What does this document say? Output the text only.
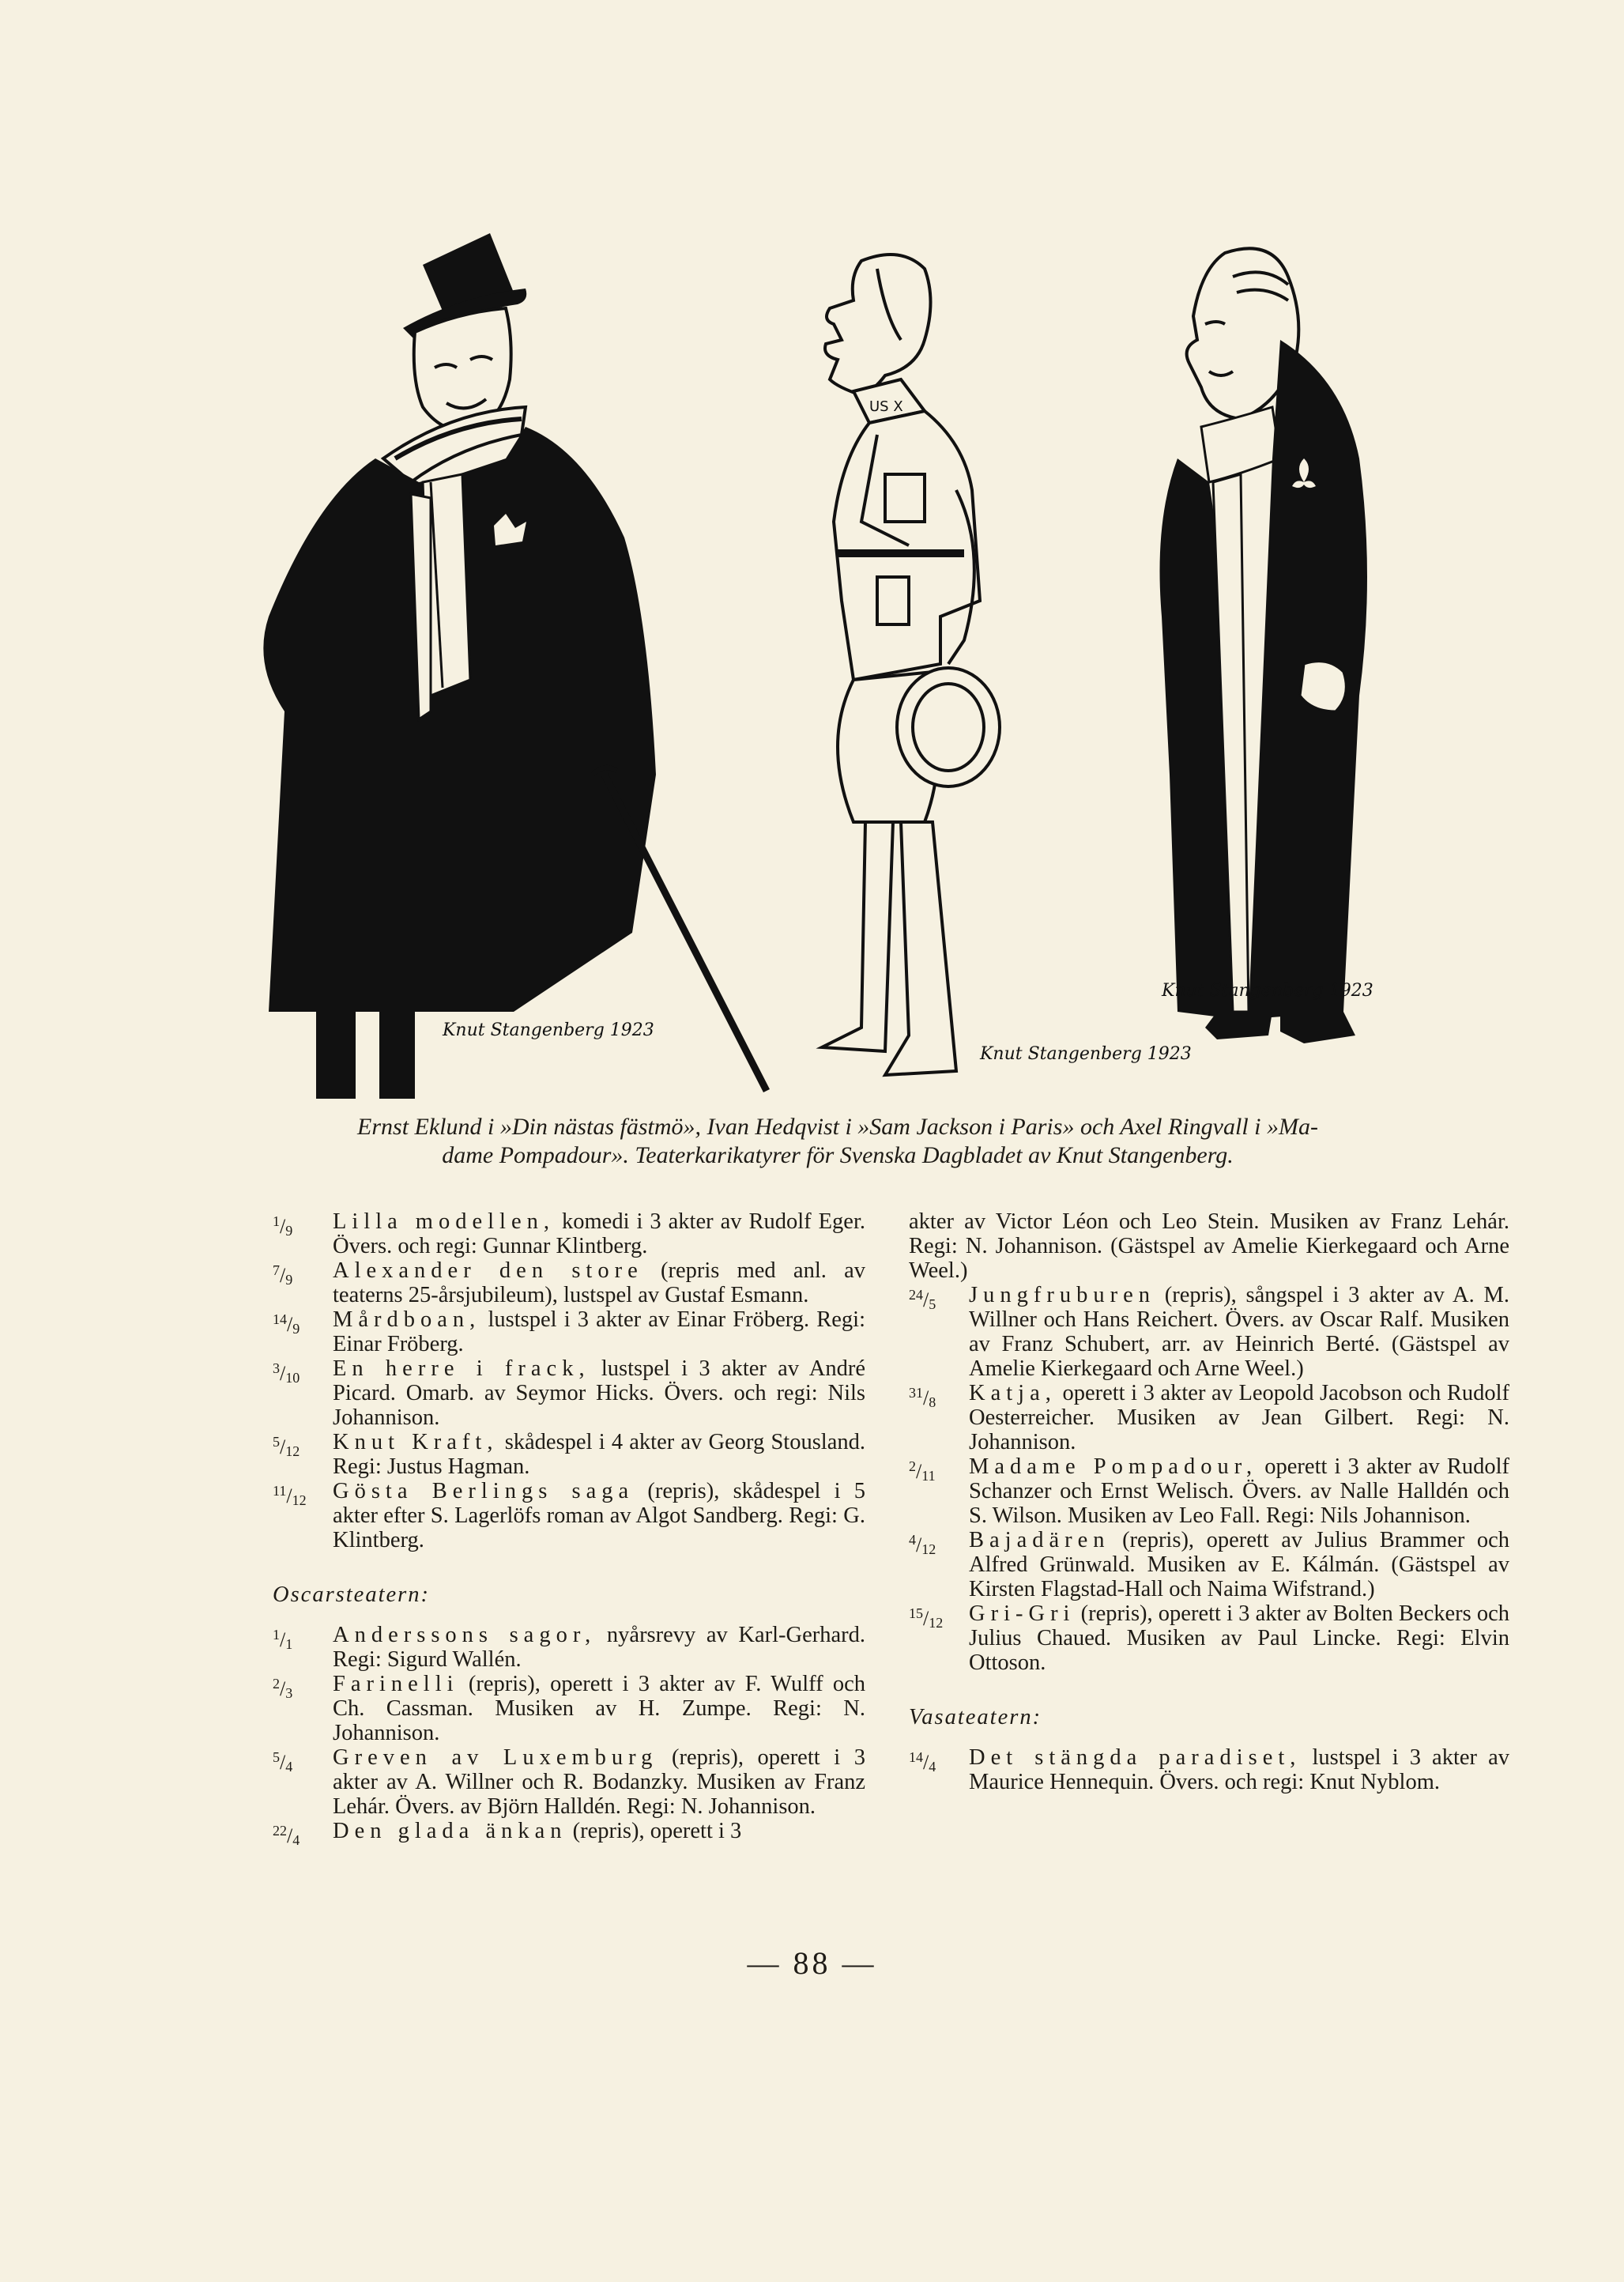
Knut Stangenberg 1923
US X
Knut Stangenberg 1923
Knut Stangenberg 1923
Ernst Eklund i »Din nästas fästmö», Ivan Hedqvist i »Sam Jackson i Paris» och Axel Ringvall i »Ma-
dame Pompadour». Teaterkarikatyrer för Svenska Dagbladet av Knut Stangenberg.
$^1/_9$	Lilla modellen, komedi i 3 akter av Rudolf Eger. Övers. och regi: Gunnar Klintberg.
$^7/_9$	Alexander den store (repris med anl. av teaterns 25-årsjubileum), lustspel av Gustaf Esmann.
$^{14}/_9$	Mårdboan, lustspel i 3 akter av Einar Fröberg. Regi: Einar Fröberg.
$^3/_{10}$	En herre i frack, lustspel i 3 akter av André Picard. Omarb. av Seymor Hicks. Övers. och regi: Nils Johannison.
$^5/_{12}$	Knut Kraft, skådespel i 4 akter av Georg Stousland. Regi: Justus Hagman.
$^{11}/_{12}$	Gösta Berlings saga (repris), skådespel i 5 akter efter S. Lagerlöfs roman av Algot Sandberg. Regi: G. Klintberg.
Oscarsteatern:
$^1/_1$	Anderssons sagor, nyårsrevy av Karl-Gerhard. Regi: Sigurd Wallén.
$^2/_3$	Farinelli (repris), operett i 3 akter av F. Wulff och Ch. Cassman. Musiken av H. Zumpe. Regi: N. Johannison.
$^5/_4$	Greven av Luxemburg (repris), operett i 3 akter av A. Willner och R. Bodanzky. Musiken av Franz Lehár. Övers. av Björn Halldén. Regi: N. Johannison.
$^{22}/_4$	Den glada änkan (repris), operett i 3
akter av Victor Léon och Leo Stein. Musiken av Franz Lehár. Regi: N. Johannison. (Gästspel av Amelie Kierkegaard och Arne Weel.)
$^{24}/_5$	Jungfruburen (repris), sångspel i 3 akter av A. M. Willner och Hans Reichert. Övers. av Oscar Ralf. Musiken av Franz Schubert, arr. av Heinrich Berté. (Gästspel av Amelie Kierkegaard och Arne Weel.)
$^{31}/_8$	Katja, operett i 3 akter av Leopold Jacobson och Rudolf Oesterreicher. Musiken av Jean Gilbert. Regi: N. Johannison.
$^2/_{11}$	Madame Pompadour, operett i 3 akter av Rudolf Schanzer och Ernst Welisch. Övers. av Nalle Halldén och S. Wilson. Musiken av Leo Fall. Regi: Nils Johannison.
$^4/_{12}$	Bajadären (repris), operett av Julius Brammer och Alfred Grünwald. Musiken av E. Kálmán. (Gästspel av Kirsten Flagstad-Hall och Naima Wifstrand.)
$^{15}/_{12}$	Gri-Gri (repris), operett i 3 akter av Bolten Beckers och Julius Chaued. Musiken av Paul Lincke. Regi: Elvin Ottoson.
Vasateatern:
$^{14}/_4$	Det stängda paradiset, lustspel i 3 akter av Maurice Hennequin. Övers. och regi: Knut Nyblom.
— 88 —
